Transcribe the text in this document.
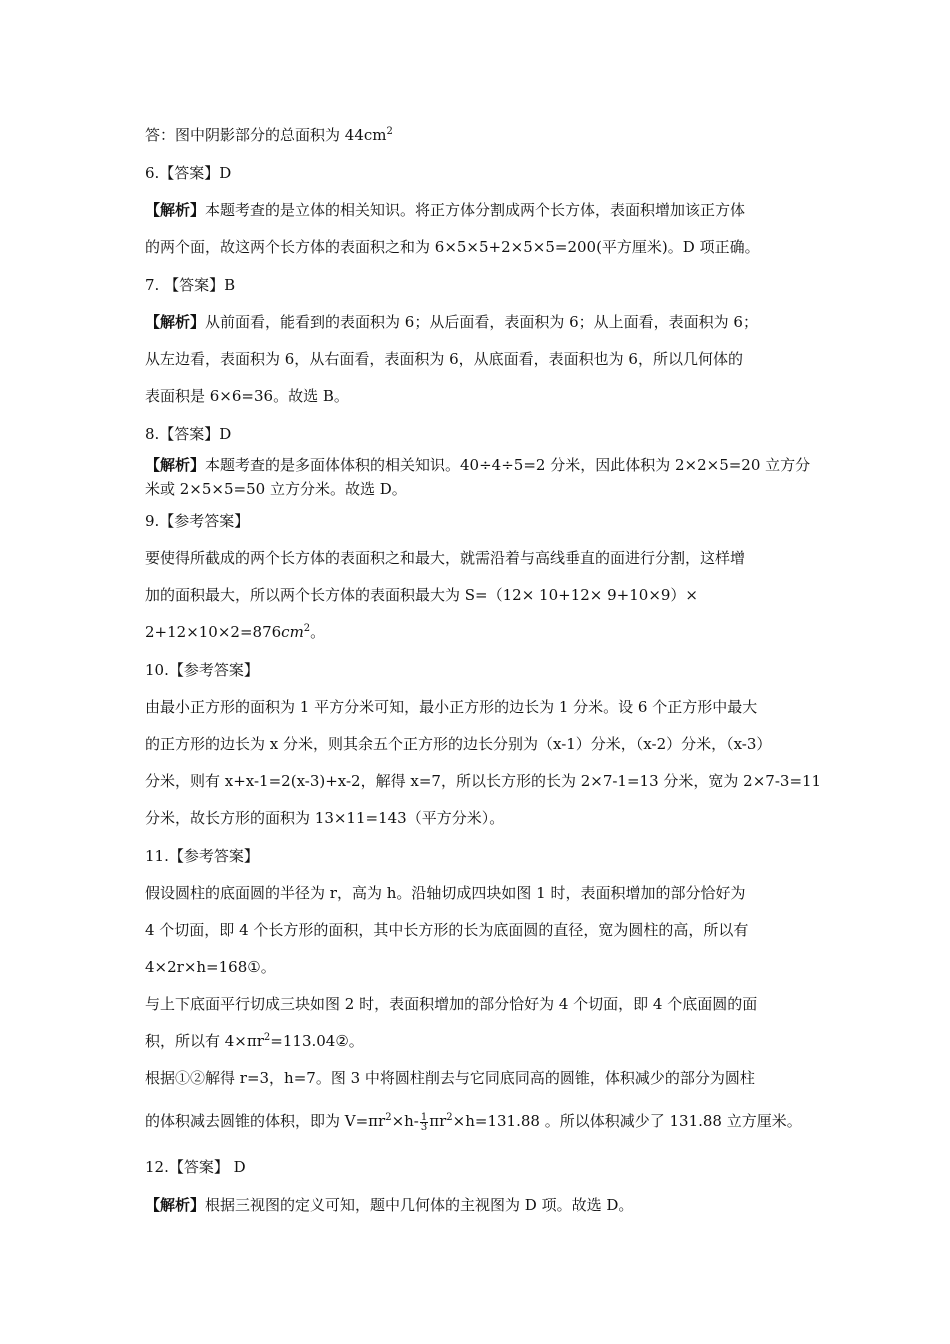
答：图中阴影部分的总面积为 $44cm^2$
6.【答案】D
【解析】本题考查的是立体的相关知识。将正方体分割成两个长方体，表面积增加该正方体
的两个面，故这两个长方体的表面积之和为 6×5×5+2×5×5=200(平方厘米)。D 项正确。
7. 【答案】B
【解析】从前面看，能看到的表面积为 6；从后面看，表面积为 6；从上面看，表面积为 6；
从左边看，表面积为 6，从右面看，表面积为 6，从底面看，表面积也为 6，所以几何体的
表面积是 6×6=36。故选 B。
8.【答案】D
【解析】本题考查的是多面体体积的相关知识。40÷4÷5=2 分米，因此体积为 2×2×5=20 立方分
米或 2×5×5=50 立方分米。故选 D。
9.【参考答案】
要使得所截成的两个长方体的表面积之和最大，就需沿着与高线垂直的面进行分割，这样增
加的面积最大，所以两个长方体的表面积最大为 S=（12× 10+12× 9+10×9）×
$2+12\times 10\times 2=876cm^2$。
10.【参考答案】
由最小正方形的面积为 1 平方分米可知，最小正方形的边长为 1 分米。设 6 个正方形中最大
的正方形的边长为 x 分米，则其余五个正方形的边长分别为（x-1）分米，（x-2）分米，（x-3）
分米，则有 x+x-1=2(x-3)+x-2，解得 x=7，所以长方形的长为 2×7-1=13 分米，宽为 2×7-3=11
分米，故长方形的面积为 13×11=143（平方分米）。
11.【参考答案】
假设圆柱的底面圆的半径为 r，高为 h。沿轴切成四块如图 1 时，表面积增加的部分恰好为
4 个切面，即 4 个长方形的面积，其中长方形的长为底面圆的直径，宽为圆柱的高，所以有
4×2r×h=168①。
与上下底面平行切成三块如图 2 时，表面积增加的部分恰好为 4 个切面，即 4 个底面圆的面
积，所以有 $4\times\pi r^2=113.04②$。
根据①②解得 r=3，h=7。图 3 中将圆柱削去与它同底同高的圆锥，体积减少的部分为圆柱
的体积减去圆锥的体积，即为 $V=\pi r^2\times h- \frac{1}{3} \pi r^2\times h=131.88$ 。所以体积减少了 131.88 立方厘米。
12.【答案】 D
【解析】根据三视图的定义可知，题中几何体的主视图为 D 项。故选 D。
